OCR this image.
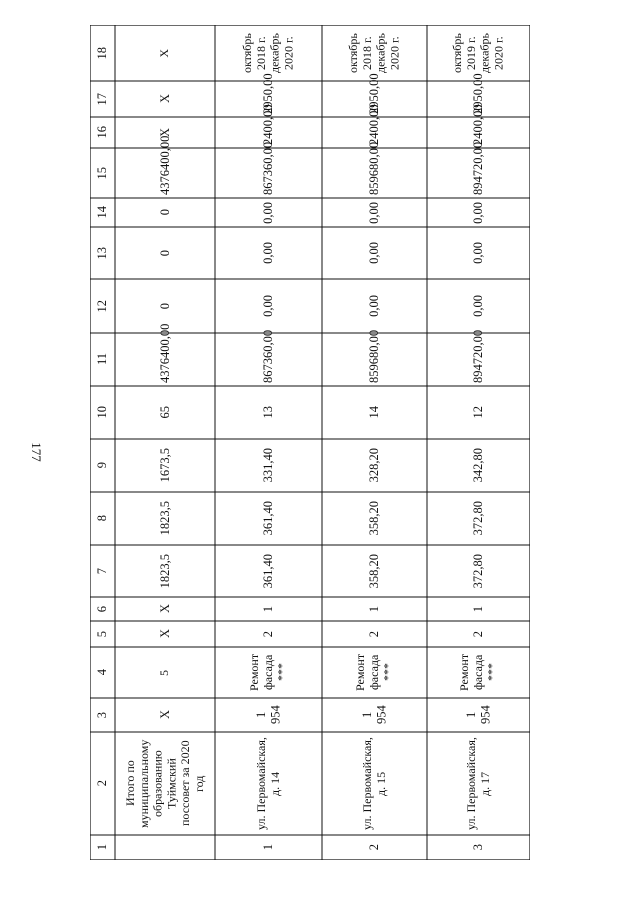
177
1
2
3
4
5
6
7
8
9
10
11
12
13
14
15
16
17
18
Итого по муниципальному образованию Туймский поссовет за 2020 год
X
5
X
X
1823,5
1823,5
1673,5
65
4376400,00
0
0
0
4376400,00
X
X
X
1
ул. Первомайская, д. 14
1 954
Ремонт фасада ***
2
1
361,40
361,40
331,40
13
867360,00
0,00
0,00
0,00
867360,00
2400,00
2950,00
октябрь 2018 г. декабрь 2020 г.
2
ул. Первомайская, д. 15
1 954
Ремонт фасада ***
2
1
358,20
358,20
328,20
14
859680,00
0,00
0,00
0,00
859680,00
2400,00
2950,00
октябрь 2018 г. декабрь 2020 г.
3
ул. Первомайская, д. 17
1 954
Ремонт фасада ***
2
1
372,80
372,80
342,80
12
894720,00
0,00
0,00
0,00
894720,00
2400,00
2950,00
октябрь 2019 г. декабрь 2020 г.
